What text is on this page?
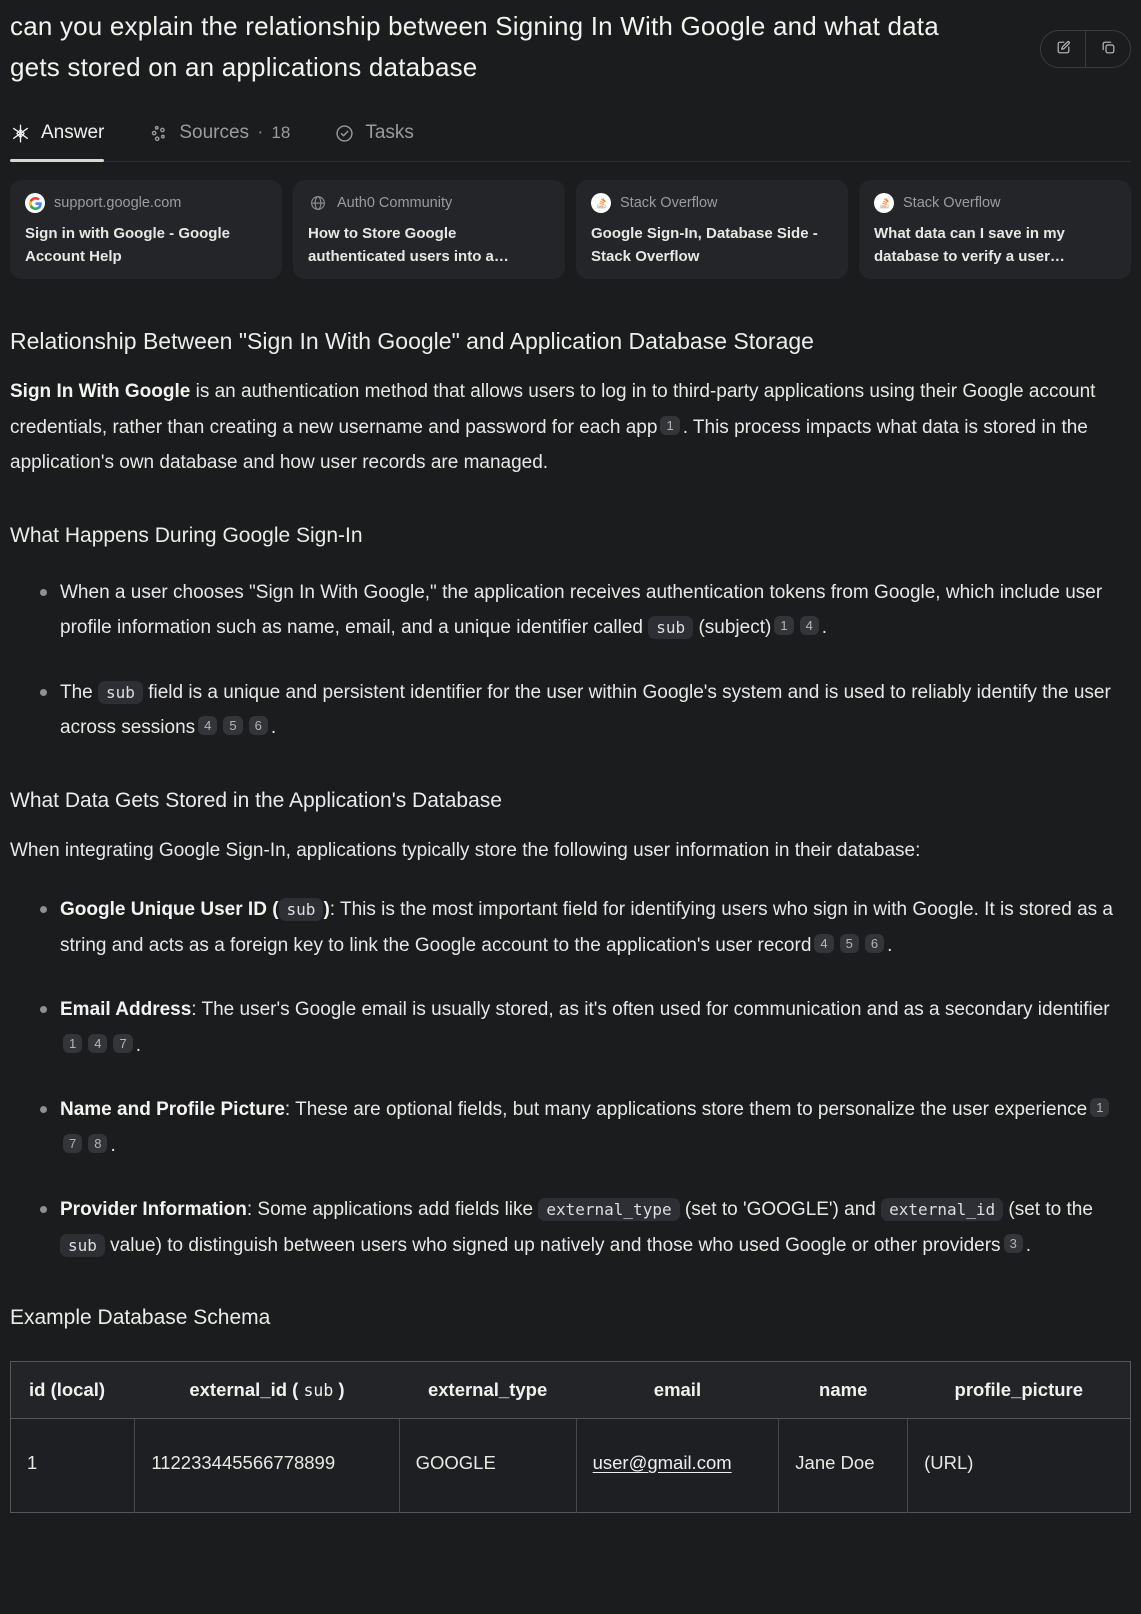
can you explain the relationship between Signing In With Google and what data gets stored on an applications database
Answer	Sources · 18	Tasks
support.google.com
Sign in with Google - Google Account Help
Auth0 Community
How to Store Google authenticated users into a…
Stack Overflow
Google Sign-In, Database Side - Stack Overflow
Stack Overflow
What data can I save in my database to verify a user…
Relationship Between "Sign In With Google" and Application Database Storage

Sign In With Google is an authentication method that allows users to log in to third-party applications using their Google account credentials, rather than creating a new username and password for each app 1 . This process impacts what data is stored in the application's own database and how user records are managed.

What Happens During Google Sign-In
When a user chooses "Sign In With Google," the application receives authentication tokens from Google, which include user profile information such as name, email, and a unique identifier called sub (subject) 1 4 .
The sub field is a unique and persistent identifier for the user within Google's system and is used to reliably identify the user across sessions 4 5 6 .
What Data Gets Stored in the Application's Database

When integrating Google Sign-In, applications typically store the following user information in their database:

Google Unique User ID ( sub ): This is the most important field for identifying users who sign in with Google. It is stored as a string and acts as a foreign key to link the Google account to the application's user record 4 5 6 .
Email Address: The user's Google email is usually stored, as it's often used for communication and as a secondary identifier1 4 7 .
Name and Profile Picture: These are optional fields, but many applications store them to personalize the user experience 17 8 .
Provider Information: Some applications add fields like external_type (set to 'GOOGLE') and external_id (set to the sub value) to distinguish between users who signed up natively and those who used Google or other providers 3 .
Example Database Schema
id (local)	external_id ( sub )	external_type	email	name	profile_picture
1	112233445566778899	GOOGLE	user@gmail.com	Jane Doe	(URL)
